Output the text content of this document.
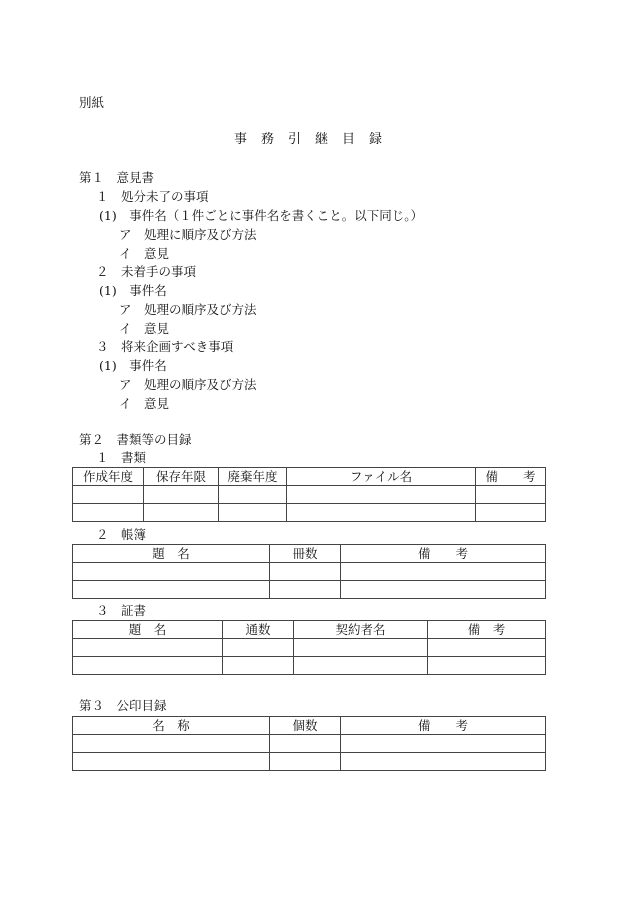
別紙
事務引継目録
第１　意見書
１　処分未了の事項
(1)　事件名（１件ごとに事件名を書くこと。以下同じ。）
ア　処理に順序及び方法
イ　意見
２　未着手の事項
(1)　事件名
ア　処理の順序及び方法
イ　意見
３　将来企画すべき事項
(1)　事件名
ア　処理の順序及び方法
イ　意見
第２　書類等の目録
１　書類
作成年度	保存年限	廃棄年度	ファイル名	備　　考

２　帳簿
題　名	冊数	備　　考

３　証書
題　名	通数	契約者名	備　考

第３　公印目録
名　称	個数	備　　考
